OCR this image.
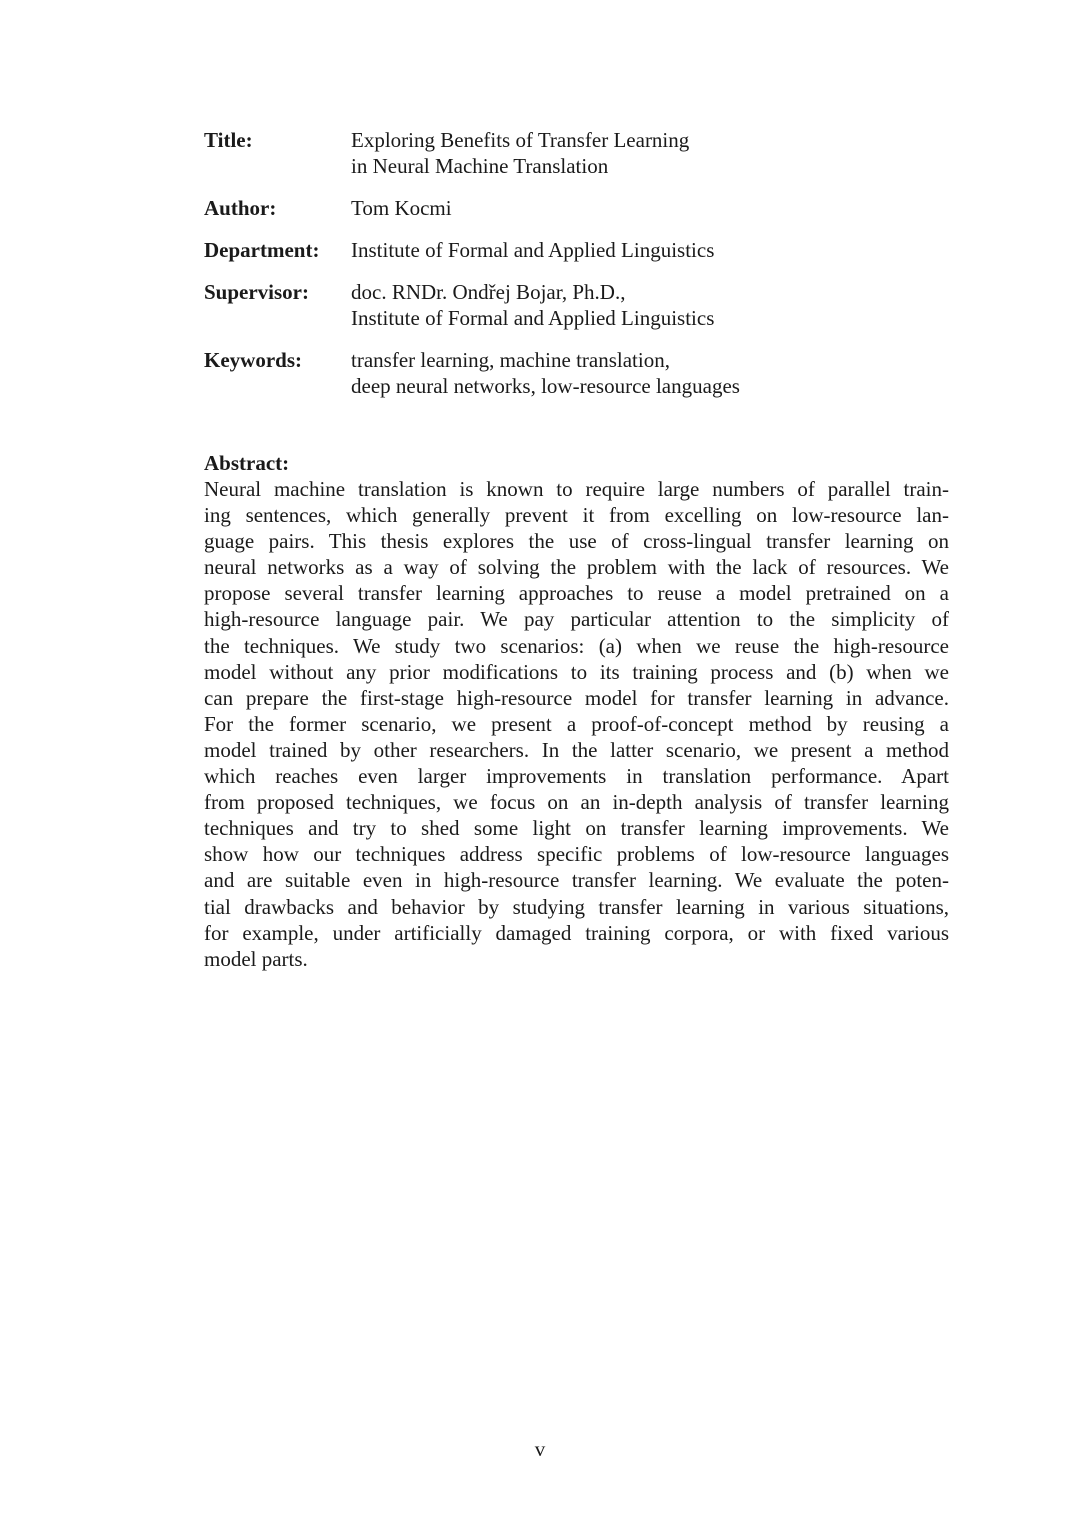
Title:	Exploring Benefits of Transfer Learning
in Neural Machine Translation
Author:	Tom Kocmi
Department:	Institute of Formal and Applied Linguistics
Supervisor:	doc. RNDr. Ondřej Bojar, Ph.D.,
Institute of Formal and Applied Linguistics
Keywords:	transfer learning, machine translation,
deep neural networks, low-resource languages
Abstract:
Neural machine translation is known to require large numbers of parallel train-
ing sentences, which generally prevent it from excelling on low-resource lan-
guage pairs. This thesis explores the use of cross-lingual transfer learning on
neural networks as a way of solving the problem with the lack of resources. We
propose several transfer learning approaches to reuse a model pretrained on a
high-resource language pair. We pay particular attention to the simplicity of
the techniques. We study two scenarios: (a) when we reuse the high-resource
model without any prior modifications to its training process and (b) when we
can prepare the first-stage high-resource model for transfer learning in advance.
For the former scenario, we present a proof-of-concept method by reusing a
model trained by other researchers. In the latter scenario, we present a method
which reaches even larger improvements in translation performance. Apart
from proposed techniques, we focus on an in-depth analysis of transfer learning
techniques and try to shed some light on transfer learning improvements. We
show how our techniques address specific problems of low-resource languages
and are suitable even in high-resource transfer learning. We evaluate the poten-
tial drawbacks and behavior by studying transfer learning in various situations,
for example, under artificially damaged training corpora, or with fixed various
model parts.
v
